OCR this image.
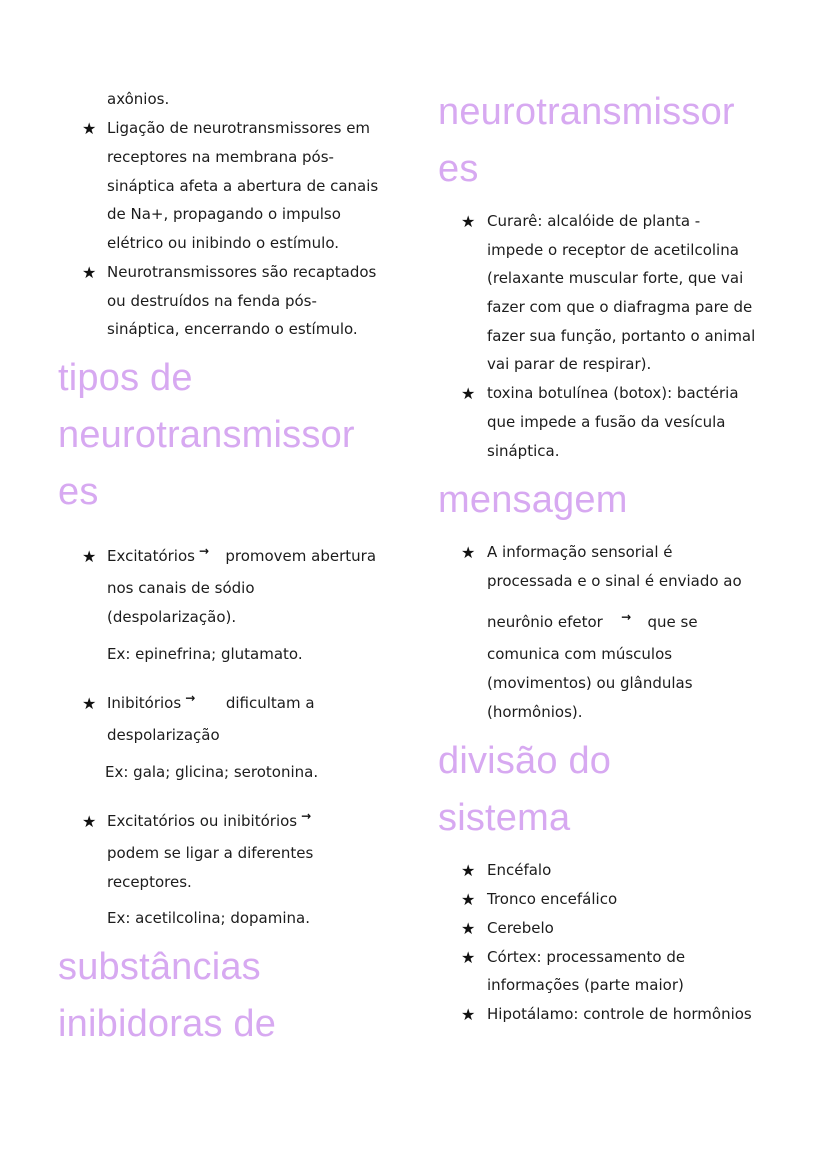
axônios.
★ Ligação de neurotransmissores em
receptores na membrana pós-
sináptica afeta a abertura de canais
de Na+, propagando o impulso
elétrico ou inibindo o estímulo.
★ Neurotransmissores são recaptados
ou destruídos na fenda pós-
sináptica, encerrando o estímulo.
tipos de
neurotransmissor
es
★ Excitatórios → promovem abertura
nos canais de sódio
(despolarização).
Ex: epinefrina; glutamato.
★ Inibitórios → dificultam a
despolarização
Ex: gala; glicina; serotonina.
★ Excitatórios ou inibitórios →
podem se ligar a diferentes
receptores.
Ex: acetilcolina; dopamina.
substâncias
inibidoras de
neurotransmissor
es
★ Curarê: alcalóide de planta -
impede o receptor de acetilcolina
(relaxante muscular forte, que vai
fazer com que o diafragma pare de
fazer sua função, portanto o animal
vai parar de respirar).
★ toxina botulínea (botox): bactéria
que impede a fusão da vesícula
sináptica.
mensagem
★ A informação sensorial é
processada e o sinal é enviado ao
neurônio efetor → que se
comunica com músculos
(movimentos) ou glândulas
(hormônios).
divisão do
sistema
★ Encéfalo
★ Tronco encefálico
★ Cerebelo
★ Córtex: processamento de
informações (parte maior)
★ Hipotálamo: controle de hormônios
